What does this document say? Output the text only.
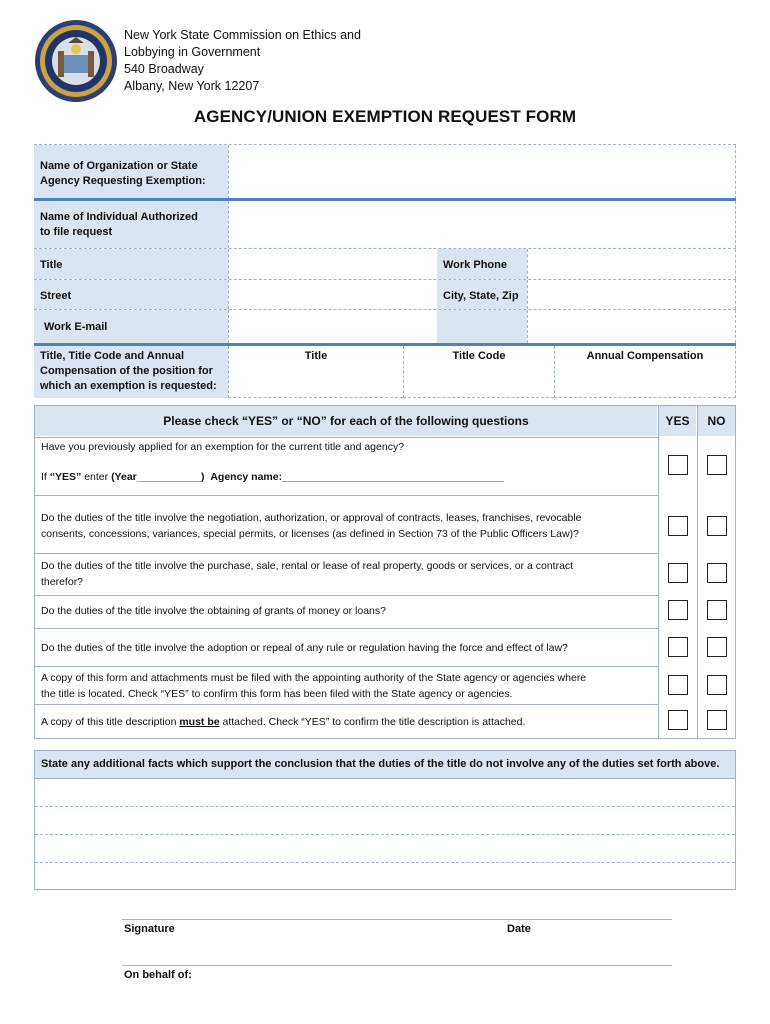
New York State Commission on Ethics and
Lobbying in Government
540 Broadway
Albany, New York 12207
AGENCY/UNION EXEMPTION REQUEST FORM
Name of Organization or State
Agency Requesting Exemption:
Name of Individual Authorized
to file request
Title	Work Phone
Street	City, State, Zip
Work E-mail
Title, Title Code and Annual
Compensation of the position for
which an exemption is requested:
Title	Title Code	Annual Compensation
Please check “YES” or “NO” for each of the following questions	YES	NO
Have you previously applied for an exemption for the current title and agency?
If “YES” enter (Year___________) Agency name:______________________________________
Do the duties of the title involve the negotiation, authorization, or approval of contracts, leases, franchises, revocable
consents, concessions, variances, special permits, or licenses (as defined in Section 73 of the Public Officers Law)?
Do the duties of the title involve the purchase, sale, rental or lease of real property, goods or services, or a contract
therefor?
Do the duties of the title involve the obtaining of grants of money or loans?
Do the duties of the title involve the adoption or repeal of any rule or regulation having the force and effect of law?
A copy of this form and attachments must be filed with the appointing authority of the State agency or agencies where
the title is located. Check “YES” to confirm this form has been filed with the State agency or agencies.
A copy of this title description must be attached. Check “YES” to confirm the title description is attached.
State any additional facts which support the conclusion that the duties of the title do not involve any of the duties set forth above.
Signature	Date
On behalf of:
